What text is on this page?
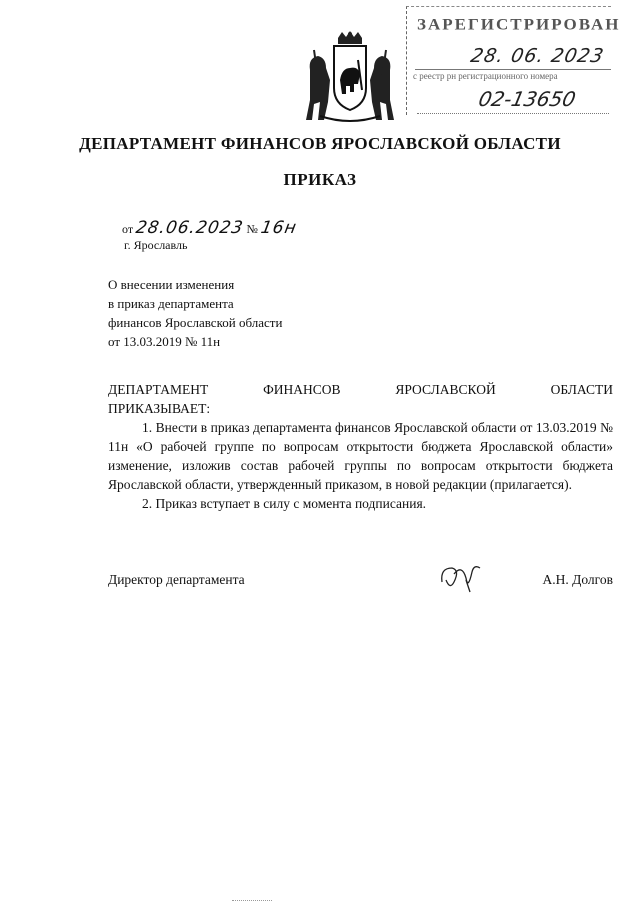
ЗАРЕГИСТРИРОВАН
28. 06. 2023
с реестр рн регистрационного номера
02-13650
ДЕПАРТАМЕНТ ФИНАНСОВ ЯРОСЛАВСКОЙ ОБЛАСТИ
ПРИКАЗ
от 28.06.2023 № 16н
г. Ярославль
О внесении изменения
в приказ департамента
финансов Ярославской области
от 13.03.2019 № 11н
ДЕПАРТАМЕНТ	ФИНАНСОВ	ЯРОСЛАВСКОЙ	ОБЛАСТИ
ПРИКАЗЫВАЕТ:
1. Внести в приказ департамента финансов Ярославской области от 13.03.2019 № 11н «О рабочей группе по вопросам открытости бюджета Ярославской области» изменение, изложив состав рабочей группы по вопросам открытости бюджета Ярославской области, утвержденный приказом, в новой редакции (прилагается).
2. Приказ вступает в силу с момента подписания.
Директор департамента	А.Н. Долгов
